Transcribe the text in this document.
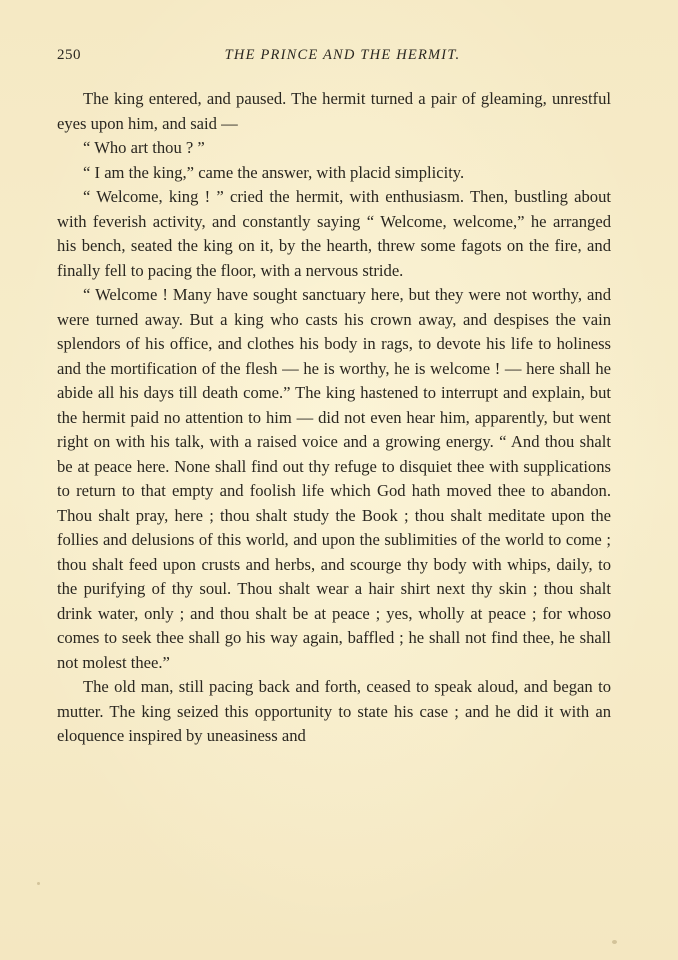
250	THE PRINCE AND THE HERMIT.

The king entered, and paused. The hermit turned a pair of gleaming, unrestful eyes upon him, and said —

“ Who art thou ? ”

“ I am the king,” came the answer, with placid simplicity.

“ Welcome, king ! ” cried the hermit, with enthusiasm. Then, bustling about with feverish activity, and constantly saying “ Welcome, welcome,” he arranged his bench, seated the king on it, by the hearth, threw some fagots on the fire, and finally fell to pacing the floor, with a nervous stride.

“ Welcome ! Many have sought sanctuary here, but they were not worthy, and were turned away. But a king who casts his crown away, and despises the vain splendors of his office, and clothes his body in rags, to devote his life to holiness and the mortification of the flesh — he is worthy, he is welcome ! — here shall he abide all his days till death come.” The king hastened to interrupt and explain, but the hermit paid no attention to him — did not even hear him, apparently, but went right on with his talk, with a raised voice and a growing energy. “ And thou shalt be at peace here. None shall find out thy refuge to disquiet thee with supplications to return to that empty and foolish life which God hath moved thee to abandon. Thou shalt pray, here ; thou shalt study the Book ; thou shalt meditate upon the follies and delusions of this world, and upon the sublimities of the world to come ; thou shalt feed upon crusts and herbs, and scourge thy body with whips, daily, to the purifying of thy soul. Thou shalt wear a hair shirt next thy skin ; thou shalt drink water, only ; and thou shalt be at peace ; yes, wholly at peace ; for whoso comes to seek thee shall go his way again, baffled ; he shall not find thee, he shall not molest thee.”

The old man, still pacing back and forth, ceased to speak aloud, and began to mutter. The king seized this opportunity to state his case ; and he did it with an eloquence inspired by uneasiness and
